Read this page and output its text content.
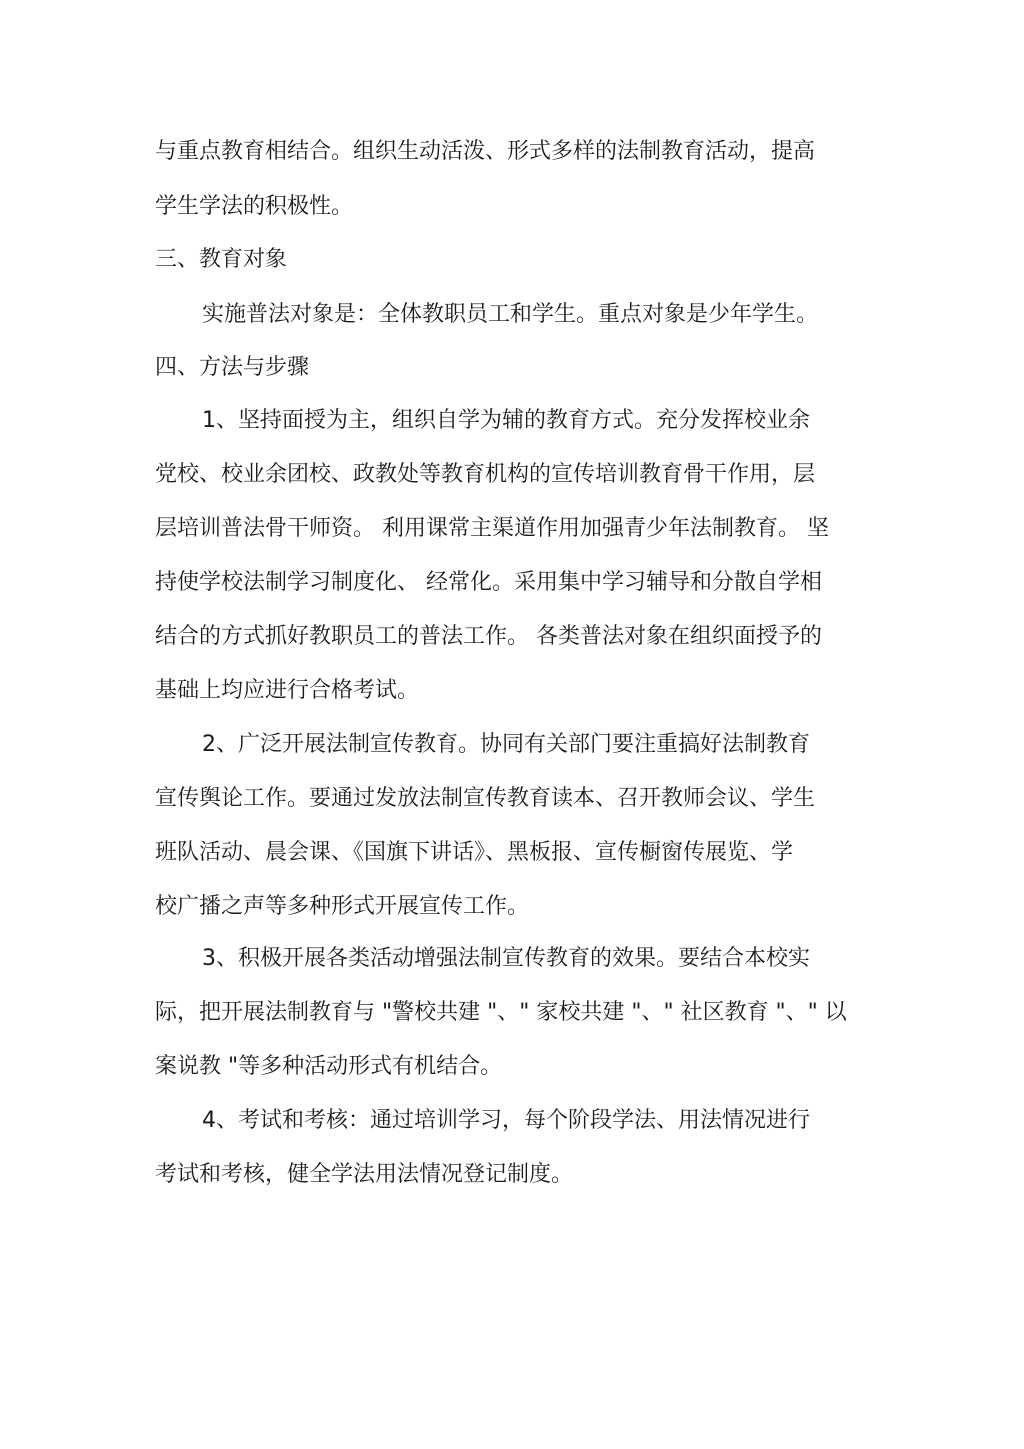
与重点教育相结合。组织生动活泼、形式多样的法制教育活动，提高
学生学法的积极性。
三、教育对象
实施普法对象是：全体教职员工和学生。重点对象是少年学生。
四、方法与步骤
1、坚持面授为主，组织自学为辅的教育方式。充分发挥校业余
党校、校业余团校、政教处等教育机构的宣传培训教育骨干作用，层
层培训普法骨干师资。 利用课常主渠道作用加强青少年法制教育。 坚
持使学校法制学习制度化、 经常化。采用集中学习辅导和分散自学相
结合的方式抓好教职员工的普法工作。 各类普法对象在组织面授予的
基础上均应进行合格考试。
2、广泛开展法制宣传教育。协同有关部门要注重搞好法制教育
宣传舆论工作。要通过发放法制宣传教育读本、召开教师会议、学生
班队活动、晨会课、《国旗下讲话》、黑板报、宣传橱窗传展览、学
校广播之声等多种形式开展宣传工作。
3、积极开展各类活动增强法制宣传教育的效果。要结合本校实
际，把开展法制教育与 "警校共建 "、" 家校共建 "、" 社区教育 "、" 以
案说教 "等多种活动形式有机结合。
4、考试和考核：通过培训学习，每个阶段学法、用法情况进行
考试和考核，健全学法用法情况登记制度。
